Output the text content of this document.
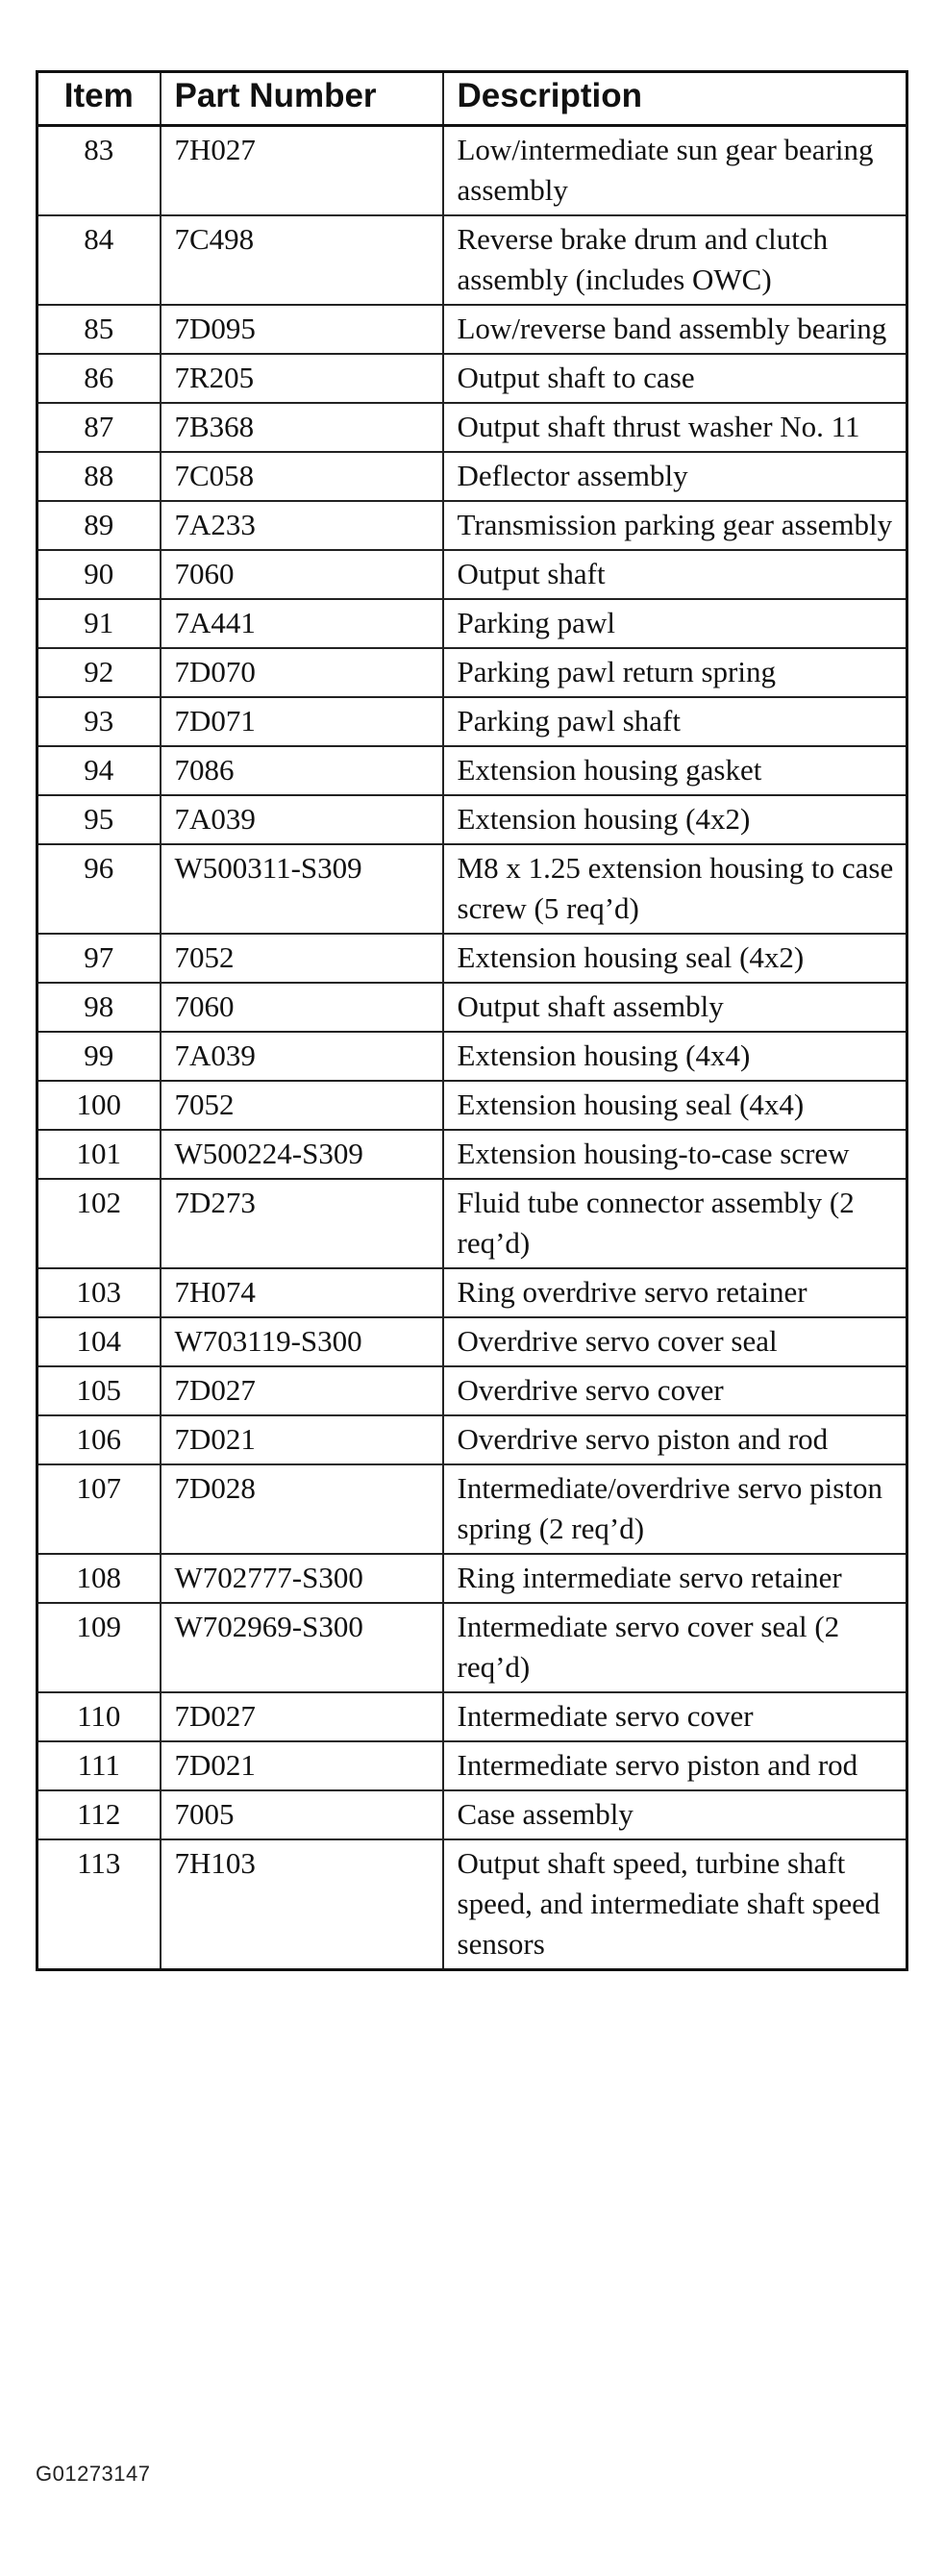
Item	Part Number	Description
83	7H027	Low/intermediate sun gear bearing assembly
84	7C498	Reverse brake drum and clutch assembly (includes OWC)
85	7D095	Low/reverse band assembly bearing
86	7R205	Output shaft to case
87	7B368	Output shaft thrust washer No. 11
88	7C058	Deflector assembly
89	7A233	Transmission parking gear assembly
90	7060	Output shaft
91	7A441	Parking pawl
92	7D070	Parking pawl return spring
93	7D071	Parking pawl shaft
94	7086	Extension housing gasket
95	7A039	Extension housing (4x2)
96	W500311-S309	M8 x 1.25 extension housing to case screw (5 req’d)
97	7052	Extension housing seal (4x2)
98	7060	Output shaft assembly
99	7A039	Extension housing (4x4)
100	7052	Extension housing seal (4x4)
101	W500224-S309	Extension housing-to-case screw
102	7D273	Fluid tube connector assembly (2 req’d)
103	7H074	Ring overdrive servo retainer
104	W703119-S300	Overdrive servo cover seal
105	7D027	Overdrive servo cover
106	7D021	Overdrive servo piston and rod
107	7D028	Intermediate/overdrive servo piston spring (2 req’d)
108	W702777-S300	Ring intermediate servo retainer
109	W702969-S300	Intermediate servo cover seal (2 req’d)
110	7D027	Intermediate servo cover
111	7D021	Intermediate servo piston and rod
112	7005	Case assembly
113	7H103	Output shaft speed, turbine shaft speed, and intermediate shaft speed sensors
G01273147
